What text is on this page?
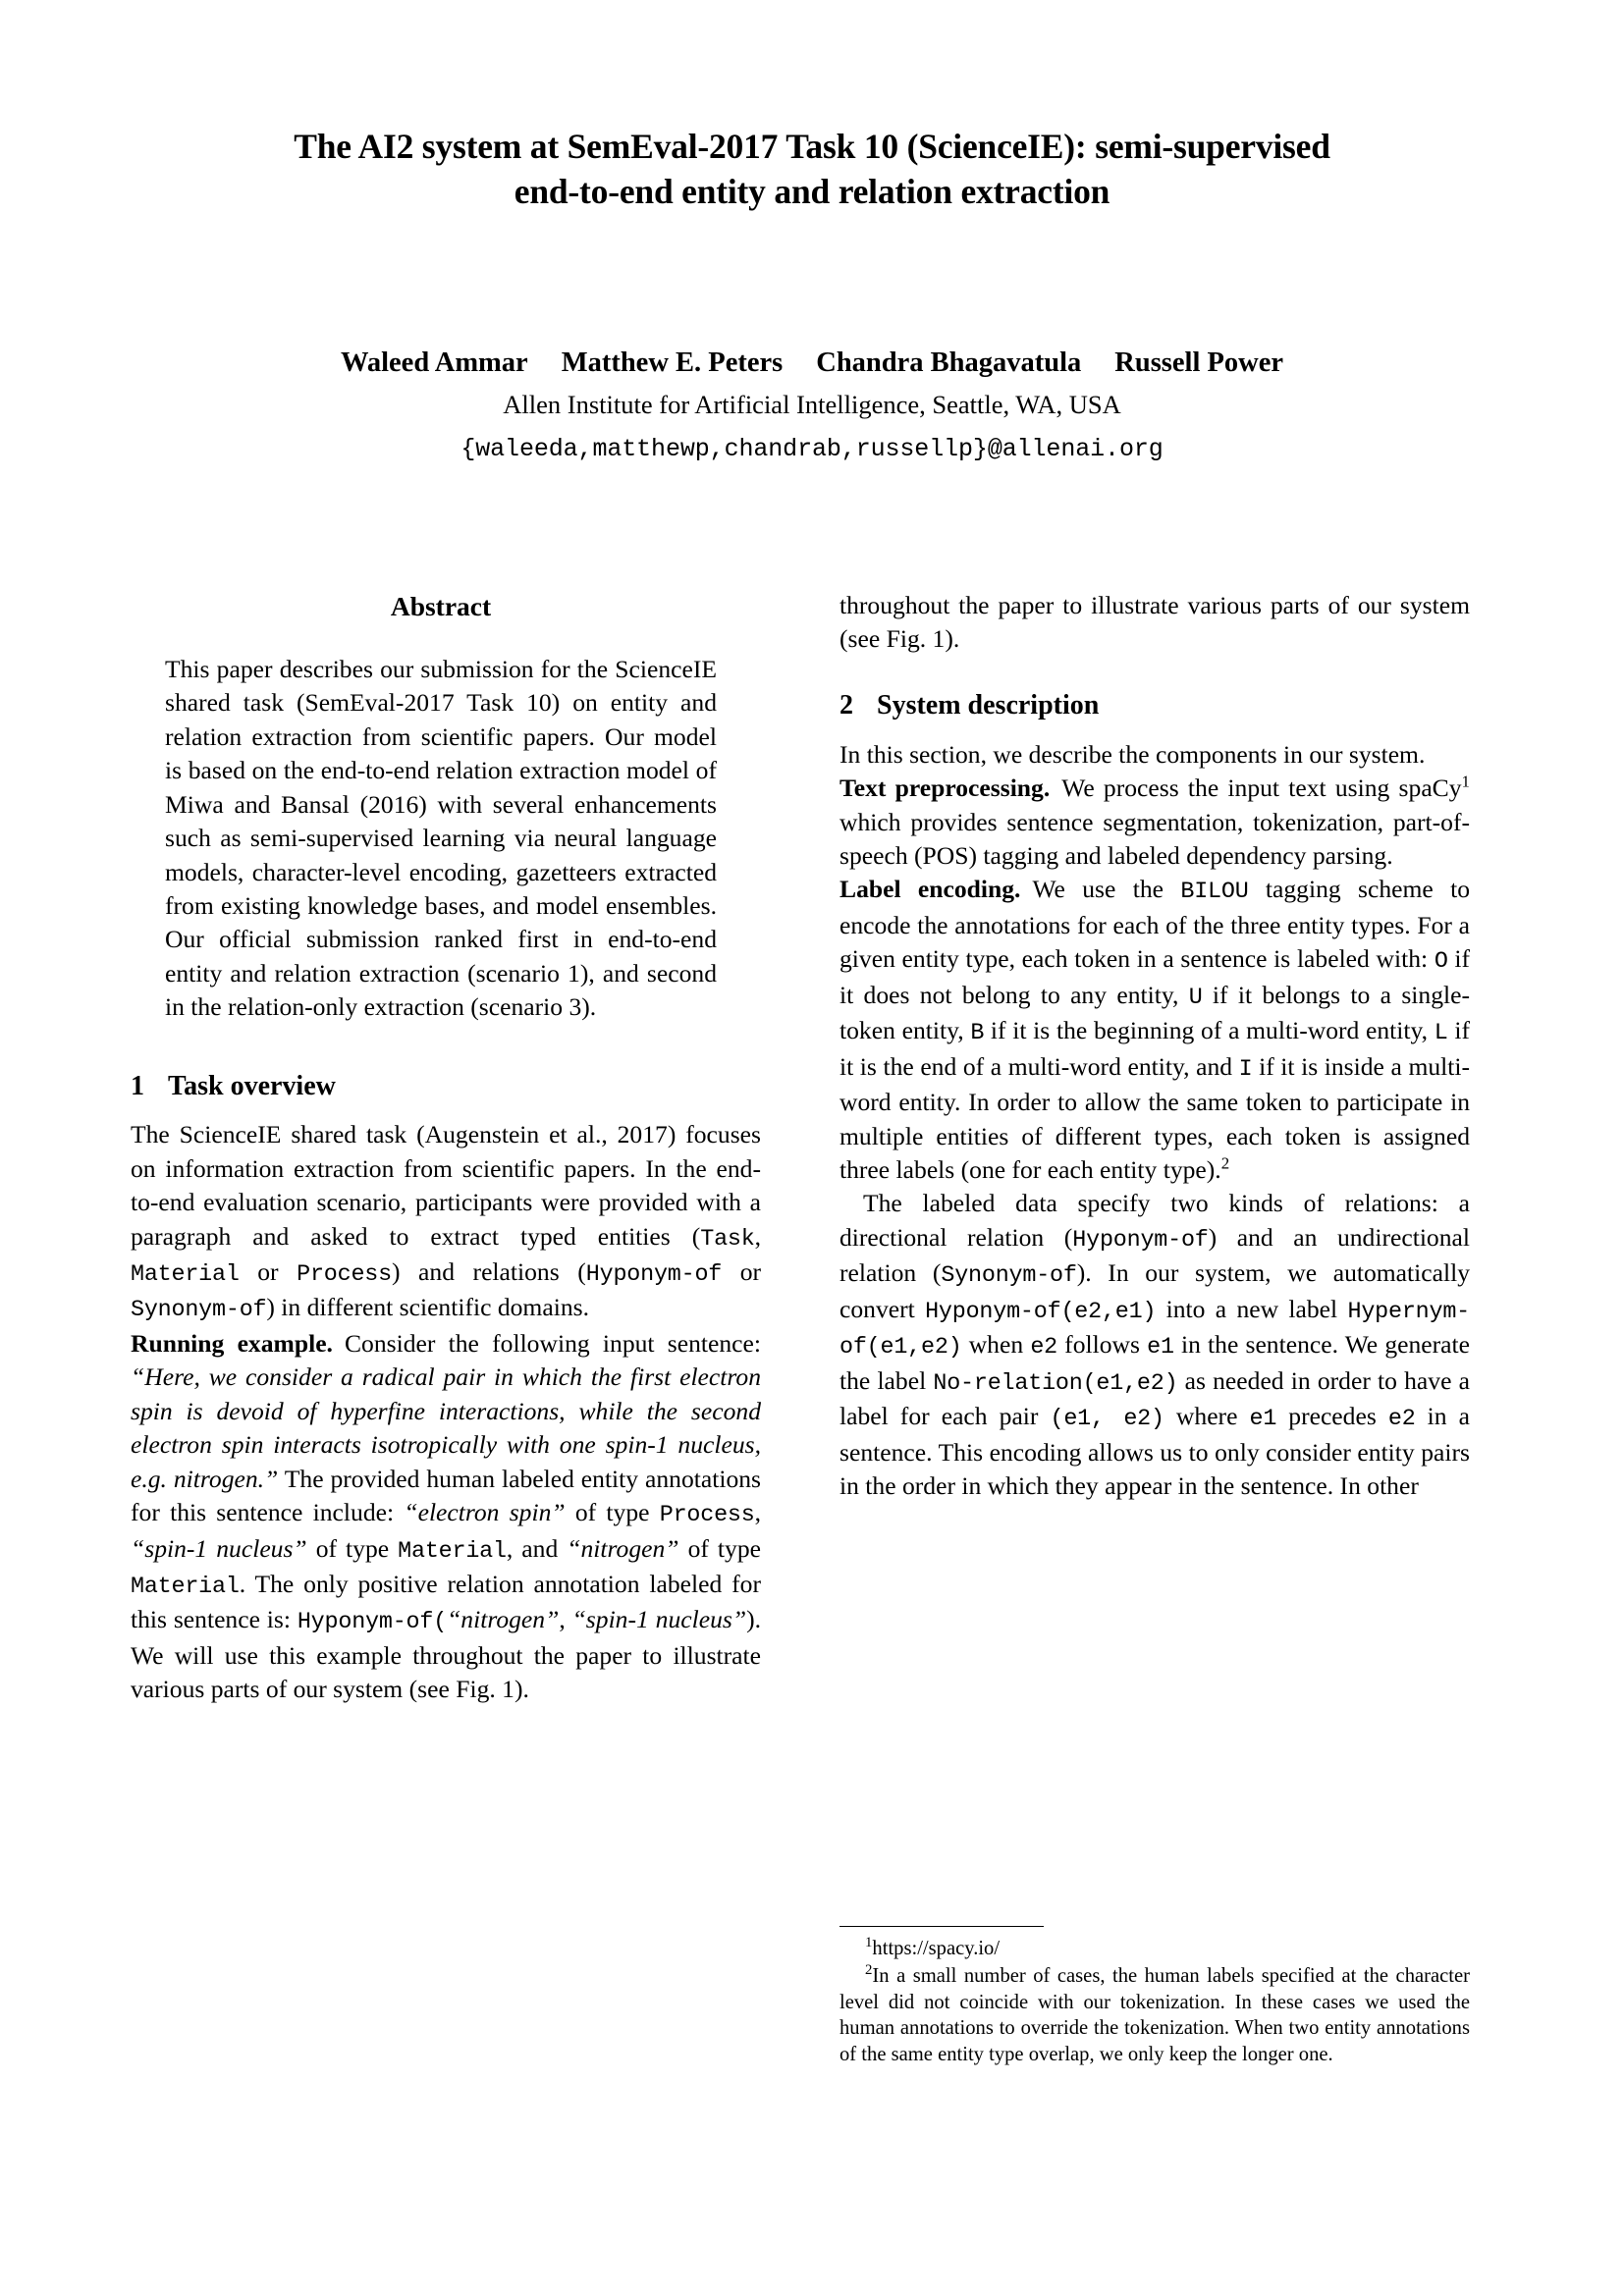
The AI2 system at SemEval-2017 Task 10 (ScienceIE): semi-supervised
end-to-end entity and relation extraction
Waleed Ammar Matthew E. Peters Chandra Bhagavatula Russell Power
Allen Institute for Artificial Intelligence, Seattle, WA, USA
{waleeda,matthewp,chandrab,russellp}@allenai.org
Abstract
This paper describes our submission for the ScienceIE shared task (SemEval-2017 Task 10) on entity and relation extraction from scientific papers. Our model is based on the end-to-end relation extraction model of Miwa and Bansal (2016) with several enhancements such as semi-supervised learning via neural language models, character-level encoding, gazetteers extracted from existing knowledge bases, and model ensembles. Our official submission ranked first in end-to-end entity and relation extraction (scenario 1), and second in the relation-only extraction (scenario 3).
1 Task overview

The ScienceIE shared task (Augenstein et al., 2017) focuses on information extraction from scientific papers. In the end-to-end evaluation scenario, participants were provided with a paragraph and asked to extract typed entities (Task, Material or Process) and relations (Hyponym-of or Synonym-of) in different scientific domains.

Running example. Consider the following input sentence: “Here, we consider a radical pair in which the first electron spin is devoid of hyperfine interactions, while the second electron spin interacts isotropically with one spin-1 nucleus, e.g. nitrogen.” The provided human labeled entity annotations for this sentence include: “electron spin” of type Process, “spin-1 nucleus” of type Material, and “nitrogen” of type Material. The only positive relation annotation labeled for this sentence is: Hyponym-of(“nitrogen”, “spin-1 nucleus”). We will use this example throughout the paper to illustrate various parts of our system (see Fig. 1).

throughout the paper to illustrate various parts of our system (see Fig. 1).

2 System description

In this section, we describe the components in our system.

Text preprocessing. We process the input text using spaCy$^1$ which provides sentence segmentation, tokenization, part-of-speech (POS) tagging and labeled dependency parsing.

Label encoding. We use the BILOU tagging scheme to encode the annotations for each of the three entity types. For a given entity type, each token in a sentence is labeled with: O if it does not belong to any entity, U if it belongs to a single-token entity, B if it is the beginning of a multi-word entity, L if it is the end of a multi-word entity, and I if it is inside a multi-word entity. In order to allow the same token to participate in multiple entities of different types, each token is assigned three labels (one for each entity type).$^2$

The labeled data specify two kinds of relations: a directional relation (Hyponym-of) and an undirectional relation (Synonym-of). In our system, we automatically convert Hyponym-of(e2,e1) into a new label Hypernym-of(e1,e2) when e2 follows e1 in the sentence. We generate the label No-relation(e1,e2) as needed in order to have a label for each pair (e1, e2) where e1 precedes e2 in a sentence. This encoding allows us to only consider entity pairs in the order in which they appear in the sentence. In other

$^1$https://spacy.io/

$^2$In a small number of cases, the human labels specified at the character level did not coincide with our tokenization. In these cases we used the human annotations to override the tokenization. When two entity annotations of the same entity type overlap, we only keep the longer one.
